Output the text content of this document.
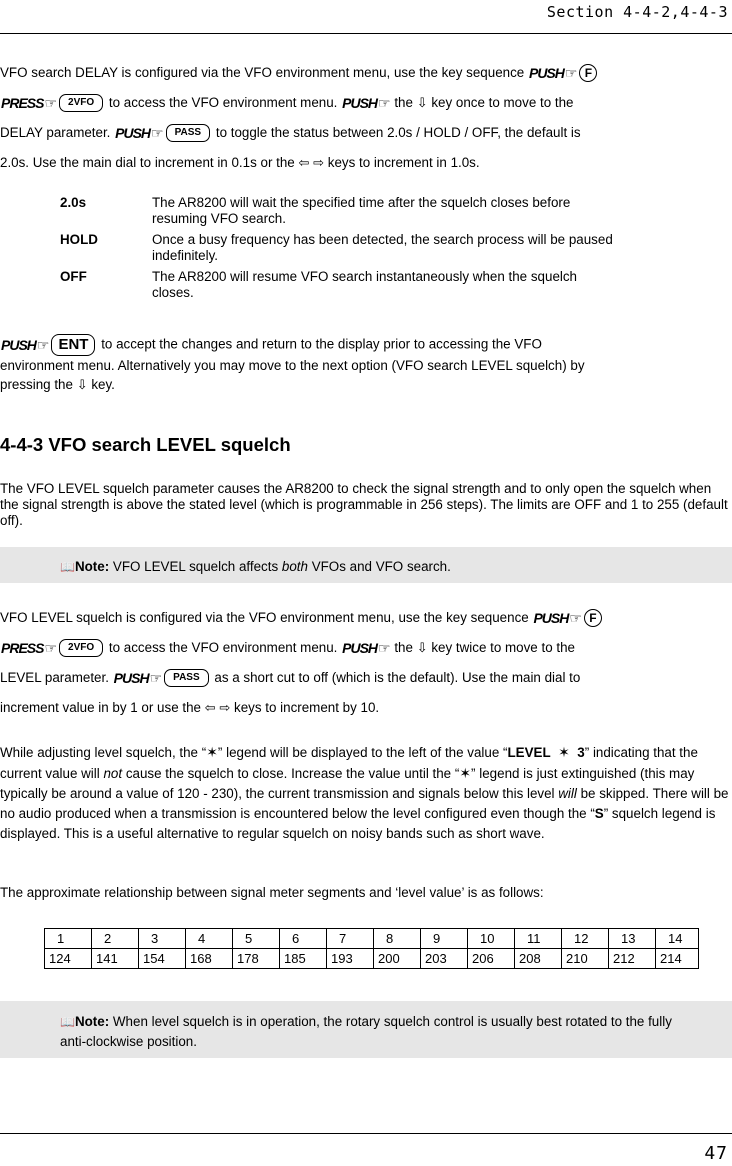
Section 4-4-2,4-4-3
VFO search DELAY is configured via the VFO environment menu, use the key sequence PUSH ☞ F
PRESS ☞ 2VFO to access the VFO environment menu. PUSH ☞ the ⇩ key once to move to the
DELAY parameter. PUSH ☞ PASS to toggle the status between 2.0s / HOLD / OFF, the default is
2.0s. Use the main dial to increment in 0.1s or the ⇦ ⇨ keys to increment in 1.0s.
2.0s	The AR8200 will wait the specified time after the squelch closes before resuming VFO search.
HOLD	Once a busy frequency has been detected, the search process will be paused indefinitely.
OFF	The AR8200 will resume VFO search instantaneously when the squelch closes.
PUSH ☞ ENT to accept the changes and return to the display prior to accessing the VFO
environment menu. Alternatively you may move to the next option (VFO search LEVEL squelch) by
pressing the ⇩ key.
4-4-3 VFO search LEVEL squelch
The VFO LEVEL squelch parameter causes the AR8200 to check the signal strength and to only open the squelch when the signal strength is above the stated level (which is programmable in 256 steps). The limits are OFF and 1 to 255 (default off).
📖Note: VFO LEVEL squelch affects both VFOs and VFO search.
VFO LEVEL squelch is configured via the VFO environment menu, use the key sequence PUSH ☞ F
PRESS ☞ 2VFO to access the VFO environment menu. PUSH ☞ the ⇩ key twice to move to the
LEVEL parameter. PUSH ☞ PASS as a short cut to off (which is the default). Use the main dial to
increment value in by 1 or use the ⇦ ⇨ keys to increment by 10.
While adjusting level squelch, the “✶” legend will be displayed to the left of the value “LEVEL ✶ 3” indicating that the current value will not cause the squelch to close. Increase the value until the “✶” legend is just extinguished (this may typically be around a value of 120 - 230), the current transmission and signals below this level will be skipped. There will be no audio produced when a transmission is encountered below the level configured even though the “S” squelch legend is displayed. This is a useful alternative to regular squelch on noisy bands such as short wave.
The approximate relationship between signal meter segments and ‘level value’ is as follows:
1	2	3	4	5	6	7	8	9	10	11	12	13	14
124	141	154	168	178	185	193	200	203	206	208	210	212	214
📖Note: When level squelch is in operation, the rotary squelch control is usually best rotated to the fully anti-clockwise position.
47
